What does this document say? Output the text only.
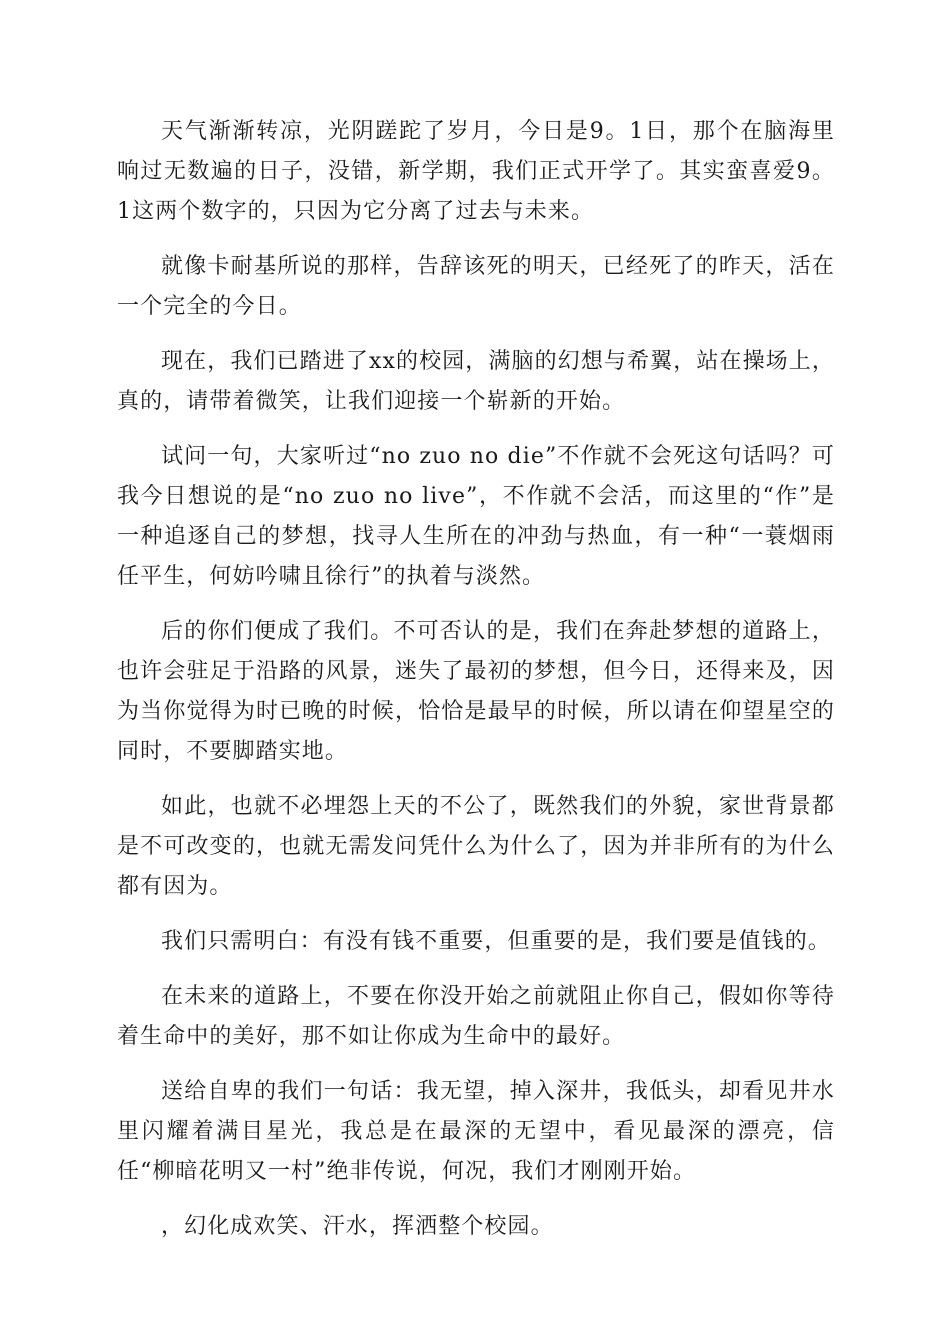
天气渐渐转凉，光阴蹉跎了岁月，今日是9。1日，那个在脑海里响过无数遍的日子，没错，新学期，我们正式开学了。其实蛮喜爱9。1这两个数字的，只因为它分离了过去与未来。

就像卡耐基所说的那样，告辞该死的明天，已经死了的昨天，活在一个完全的今日。

现在，我们已踏进了xx的校园，满脑的幻想与希翼，站在操场上，真的，请带着微笑，让我们迎接一个崭新的开始。

试问一句，大家听过“no zuo no die”不作就不会死这句话吗？可我今日想说的是“no zuo no live”，不作就不会活，而这里的“作”是一种追逐自己的梦想，找寻人生所在的冲劲与热血，有一种“一蓑烟雨任平生，何妨吟啸且徐行”的执着与淡然。

后的你们便成了我们。不可否认的是，我们在奔赴梦想的道路上，也许会驻足于沿路的风景，迷失了最初的梦想，但今日，还得来及，因为当你觉得为时已晚的时候，恰恰是最早的时候，所以请在仰望星空的同时，不要脚踏实地。

如此，也就不必埋怨上天的不公了，既然我们的外貌，家世背景都是不可改变的，也就无需发问凭什么为什么了，因为并非所有的为什么都有因为。

我们只需明白：有没有钱不重要，但重要的是，我们要是值钱的。

在未来的道路上，不要在你没开始之前就阻止你自己，假如你等待着生命中的美好，那不如让你成为生命中的最好。

送给自卑的我们一句话：我无望，掉入深井，我低头，却看见井水里闪耀着满目星光，我总是在最深的无望中，看见最深的漂亮，信任“柳暗花明又一村”绝非传说，何况，我们才刚刚开始。

，幻化成欢笑、汗水，挥洒整个校园。
